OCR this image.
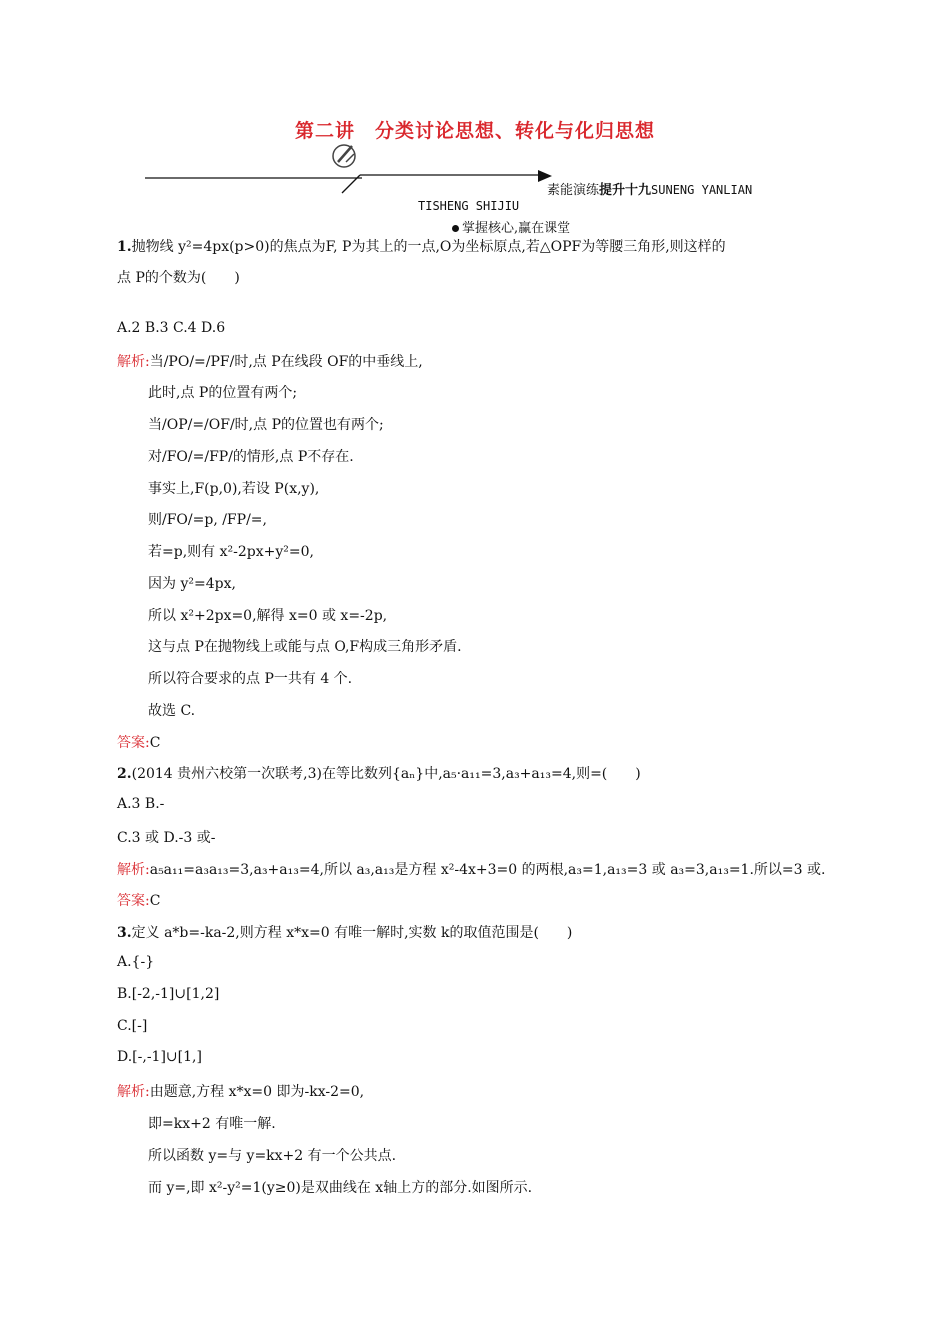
第二讲　分类讨论思想、转化与化归思想
素能演练提升十九SUNENG YANLIAN
TISHENG SHIJIU
掌握核心,赢在课堂
1.抛物线 y²=4px(p>0)的焦点为F, P为其上的一点,O为坐标原点,若△OPF为等腰三角形,则这样的
点 P的个数为(　　)
A.2 B.3 C.4 D.6
解析:当/PO/=/PF/时,点 P在线段 OF的中垂线上,
此时,点 P的位置有两个;
当/OP/=/OF/时,点 P的位置也有两个;
对/FO/=/FP/的情形,点 P不存在.
事实上,F(p,0),若设 P(x,y),
则/FO/=p, /FP/=,
若=p,则有 x²-2px+y²=0,
因为 y²=4px,
所以 x²+2px=0,解得 x=0 或 x=-2p,
这与点 P在抛物线上或能与点 O,F构成三角形矛盾.
所以符合要求的点 P一共有 4 个.
故选 C.
答案:C
2.(2014 贵州六校第一次联考,3)在等比数列{aₙ}中,a₅·a₁₁=3,a₃+a₁₃=4,则=(　　)
A.3 B.-
C.3 或 D.-3 或-
解析:a₅a₁₁=a₃a₁₃=3,a₃+a₁₃=4,所以 a₃,a₁₃是方程 x²-4x+3=0 的两根,a₃=1,a₁₃=3 或 a₃=3,a₁₃=1.所以=3 或.
答案:C
3.定义 a*b=-ka-2,则方程 x*x=0 有唯一解时,实数 k的取值范围是(　　)
A.{-}
B.[-2,-1]∪[1,2]
C.[-]
D.[-,-1]∪[1,]
解析:由题意,方程 x*x=0 即为-kx-2=0,
即=kx+2 有唯一解.
所以函数 y=与 y=kx+2 有一个公共点.
而 y=,即 x²-y²=1(y≥0)是双曲线在 x轴上方的部分.如图所示.
